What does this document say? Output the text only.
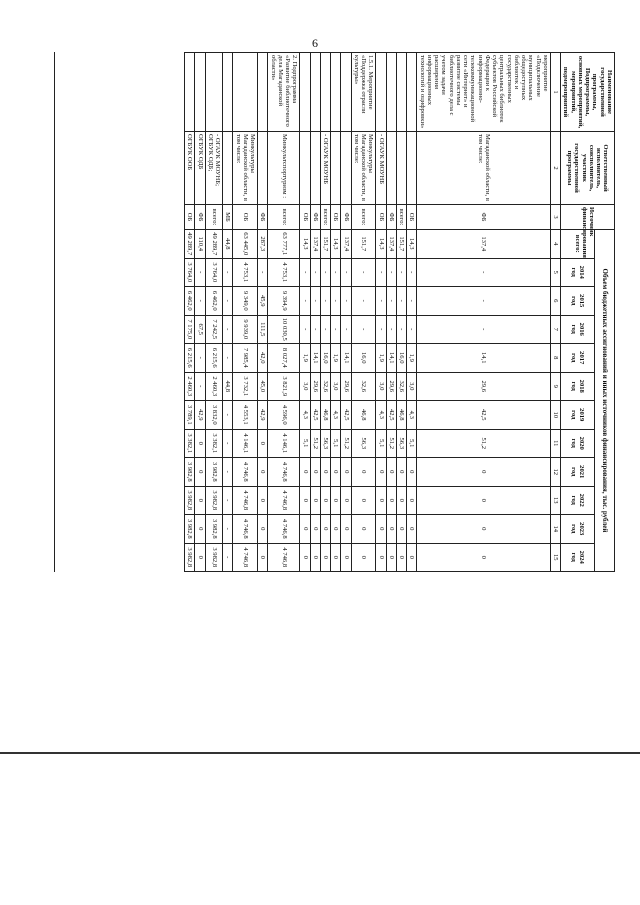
6
Наименование государственной программы, Подпрограммы, основных мероприятий, мероприятий, подмероприятий	Ответственный исполнитель, соисполнитель, участник государственной программы	Источник финансирования	Объем бюджетных ассигнований и иных источников финансирования, тыс. рублей											
			всего:	2014 год	2015 год	2016 год	2017 год	2018 год	2019 год	2020 год	2021 год	2022 год	2023 год	2024 год
1	2	3	4	5	6	7	8	9	10	11	12	13	14	15
мероприятие «Подключение муниципальных общедоступных библиотек и государственных центральных библиотек субъектов Российской Федерации к информационно-телекоммуникационной сети «Интернет» и развитие системы библиотечного дела с учетом задачи расширения информационных технологий и оцифровки»	Магаданской области, в том числе:	ФБ	137,4	-	-	-	14,1	29,6	42,5	51,2	0	0	0	0
		ОБ	14,3	-	-	-	1,9	3,0	4,3	5,1	0	0	0	0
		всего:	151,7	-	-	-	16,0	32,6	46,8	56,3	0	0	0	0
		ФБ	137,4	-	-	-	14,1	29,6	42,5	51,2	0	0	0	0
	- ОГАУК МОУНБ	ОБ	14,3	-	-	-	1,9	3,0	4,3	5,1	0	0	0	0
1.5.1. Мероприятие «Поддержка отрасли культуры»	Минкультуры Магаданской области, в том числе:	всего:	151,7	-	-	-	16,0	32,6	46,8	56,3	0	0	0	0
		ФБ	137,4	-	-	-	14,1	29,6	42,5	51,2	0	0	0	0
		ОБ	14,3	-	-	-	1,9	3,0	4,3	5,1	0	0	0	0
	- ОГАУК МОУНБ	всего:	151,7	-	-	-	16,0	32,6	46,8	56,3	0	0	0	0
		ФБ	137,4	-	-	-	14,1	29,6	42,5	51,2	0	0	0	0
		ОБ	14,3	-	-	-	1,9	3,0	4,3	5,1	0	0	0	0
2. Подпрограмма «Развитие библиотечного дела Магаданской области»	Минкультспортуризм :	всего:	63 777,1	4 753,1	9 394,9	10 030,5	8 027,4	3 821,9	4 596,0	4 146,1	4 746,8	4 746,8	4 746,8	4 746,8
		ФБ	287,3	-	45,9	111,5	42,0	45,0	42,9	0	0	0	0	0
	Минкультуры Магаданской области, в том числе:	ОБ	63 445,0	4 753,1	9 349,0	9 939,0	7 985,4	3 732,1	4 553,1	4 146,1	4 746,8	4 746,8	4 746,8	4 746,8
		МБ	44,8	-	-	-	-	44,8	-	-	-	-	-	-
	- ОГАУК МОУНБ; ОГБУК ОДБ;	всего:	49 289,7	3 764,0	6 462,0	7 242,5	6 215,6	2 460,3	3 832,0	3 382,1	3 982,8	3 982,8	3 982,8	3 982,8
	ОГБУК ОДБ	ФБ	110,4	-	-	67,5	-	-	42,9	0	0	0	0	0
	ОГБУК ООБ	ОБ	49 289,7	3 764,0	6 462,0	7 175,0	6 215,6	2 460,3	3 789,1	3 382,1	3 982,8	3 982,8	3 982,8	3 982,8
